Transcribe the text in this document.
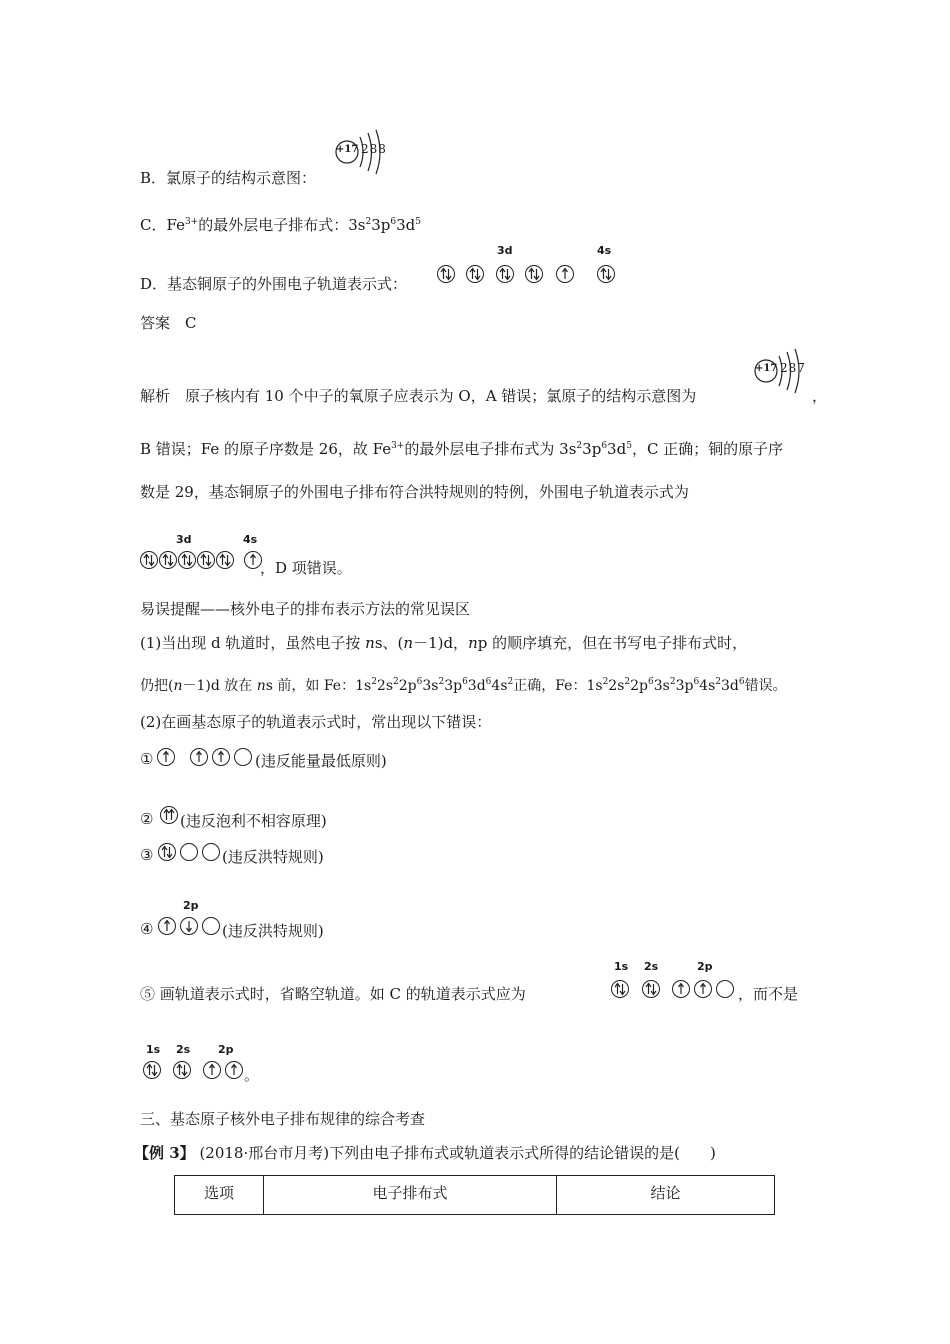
B．氯原子的结构示意图：
+17 288
C．$Fe^{3+}$的最外层电子排布式：$3s^23p^63d^5$
D．基态铜原子的外围电子轨道表示式：
3d	4s
答案　C
解析　原子核内有 10 个中子的氧原子应表示为 O，A 错误；氯原子的结构示意图为
+17 287
，
B 错误；Fe 的原子序数是 26，故 $Fe^{3+}$的最外层电子排布式为 $3s^23p^63d^5$，C 正确；铜的原子序
数是 29，基态铜原子的外围电子排布符合洪特规则的特例，外围电子轨道表示式为
3d	4s
，D 项错误。
易误提醒——核外电子的排布表示方法的常见误区
(1)当出现 d 轨道时，虽然电子按 ns、(n－1)d，np 的顺序填充，但在书写电子排布式时，
仍把(n－1)d 放在 ns 前，如 Fe：$1s^22s^22p^63s^23p^63d^64s^2$正确，Fe：$1s^22s^22p^63s^23p^64s^23d^6$错误。
(2)在画基态原子的轨道表示式时，常出现以下错误：
①	(违反能量最低原则)
② (违反泡利不相容原理)
③	(违反洪特规则)
2p
④	(违反洪特规则)
⑤ 画轨道表示式时，省略空轨道。如 C 的轨道表示式应为
1s 2s	2p
，而不是
1s 2s	2p
。
三、基态原子核外电子排布规律的综合考查
【例 3】 (2018·邢台市月考)下列由电子排布式或轨道表示式所得的结论错误的是(　　)
选项	电子排布式	结论
